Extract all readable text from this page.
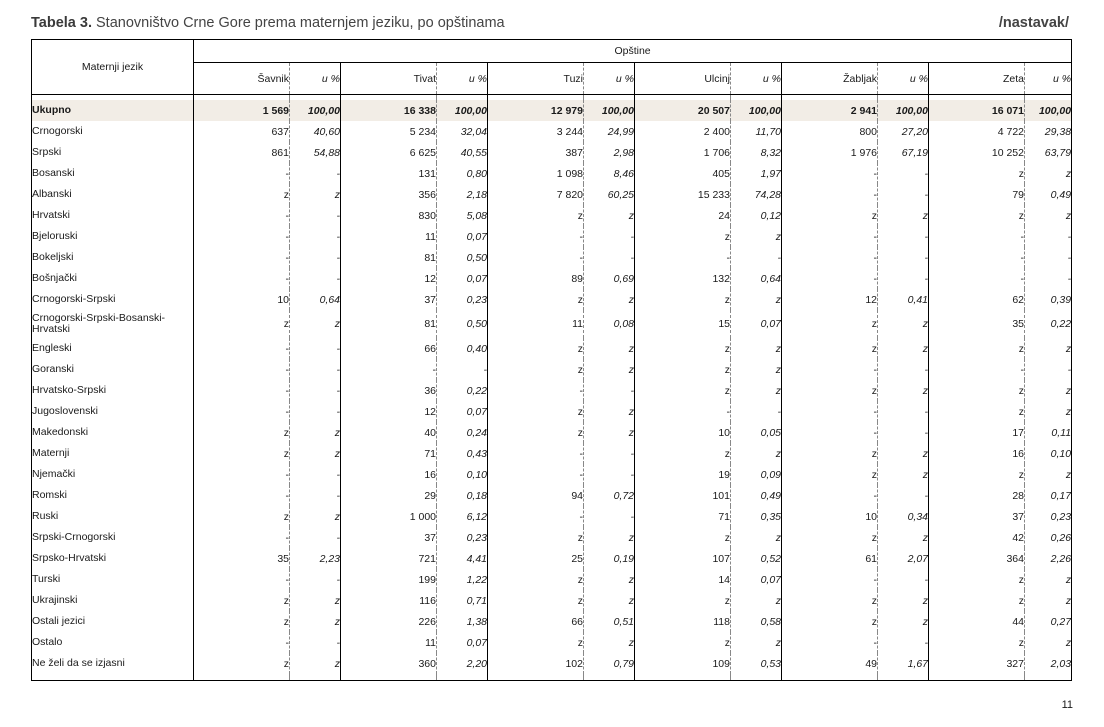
Tabela 3. Stanovništvo Crne Gore prema maternjem jeziku, po opštinama	/nastavak/
Maternji jezik	Opštine											
	Šavnik	u %	Tivat	u %	Tuzi	u %	Ulcinj	u %	Žabljak	u %	Zeta	u %

Ukupno	1 569	100,00	16 338	100,00	12 979	100,00	20 507	100,00	2 941	100,00	16 071	100,00
Crnogorski	637	40,60	5 234	32,04	3 244	24,99	2 400	11,70	800	27,20	4 722	29,38
Srpski	861	54,88	6 625	40,55	387	2,98	1 706	8,32	1 976	67,19	10 252	63,79
Bosanski	-	-	131	0,80	1 098	8,46	405	1,97	-	-	z	z
Albanski	z	z	356	2,18	7 820	60,25	15 233	74,28	-	-	79	0,49
Hrvatski	-	-	830	5,08	z	z	24	0,12	z	z	z	z
Bjeloruski	-	-	11	0,07	-	-	z	z	-	-	-	-
Bokeljski	-	-	81	0,50	-	-	-	-	-	-	-	-
Bošnjački	-	-	12	0,07	89	0,69	132	0,64	-	-	-	-
Crnogorski-Srpski	10	0,64	37	0,23	z	z	z	z	12	0,41	62	0,39
Crnogorski-Srpski-Bosanski-Hrvatski	z	z	81	0,50	11	0,08	15	0,07	z	z	35	0,22
Engleski	-	-	66	0,40	z	z	z	z	z	z	z	z
Goranski	-	-	-	-	z	z	z	z	-	-	-	-
Hrvatsko-Srpski	-	-	36	0,22	-	-	z	z	z	z	z	z
Jugoslovenski	-	-	12	0,07	z	z	-	-	-	-	z	z
Makedonski	z	z	40	0,24	z	z	10	0,05	-	-	17	0,11
Maternji	z	z	71	0,43	-	-	z	z	z	z	16	0,10
Njemački	-	-	16	0,10	-	-	19	0,09	z	z	z	z
Romski	-	-	29	0,18	94	0,72	101	0,49	-	-	28	0,17
Ruski	z	z	1 000	6,12	-	-	71	0,35	10	0,34	37	0,23
Srpski-Crnogorski	-	-	37	0,23	z	z	z	z	z	z	42	0,26
Srpsko-Hrvatski	35	2,23	721	4,41	25	0,19	107	0,52	61	2,07	364	2,26
Turski	-	-	199	1,22	z	z	14	0,07	-	-	z	z
Ukrajinski	z	z	116	0,71	z	z	z	z	z	z	z	z
Ostali jezici	z	z	226	1,38	66	0,51	118	0,58	z	z	44	0,27
Ostalo	-	-	11	0,07	z	z	z	z	-	-	z	z
Ne želi da se izjasni	z	z	360	2,20	102	0,79	109	0,53	49	1,67	327	2,03

11
